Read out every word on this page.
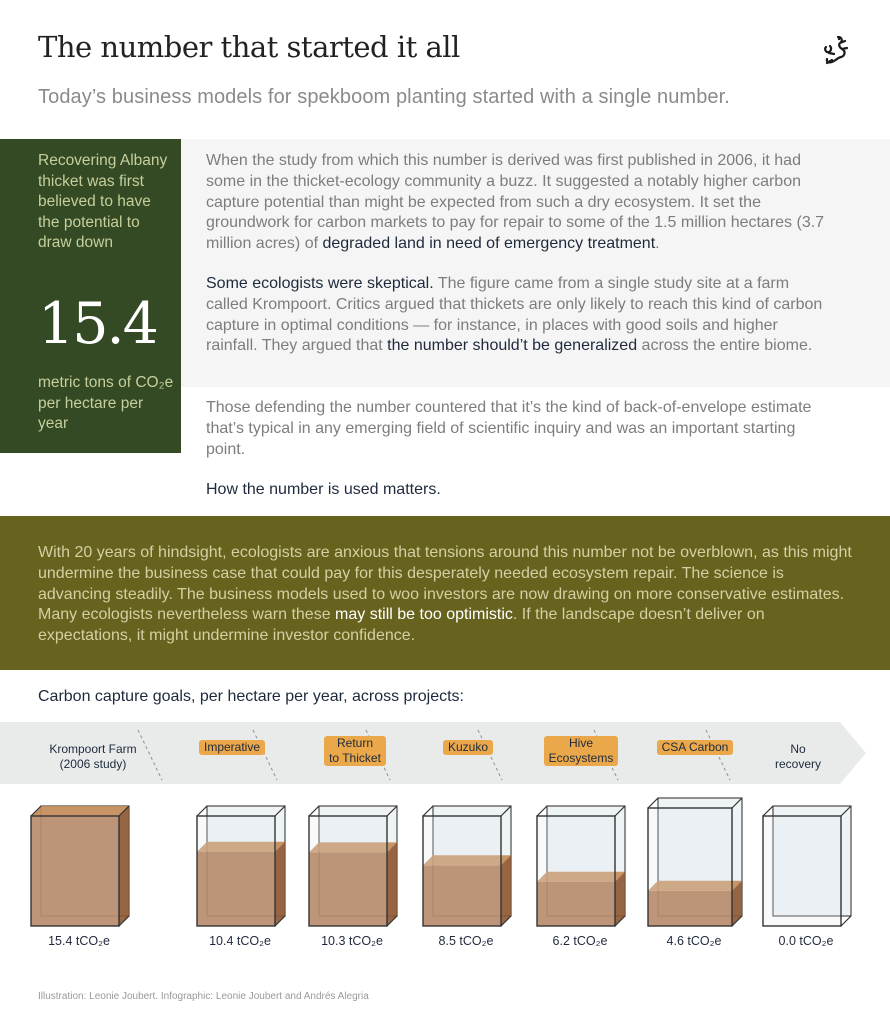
The number that started it all
Today’s business models for spekboom planting started with a single number.
Recovering Albany thicket was first believed to have the potential to draw down
15.4
metric tons of CO₂e per hectare per year
When the study from which this number is derived was first published in 2006, it had some in the thicket-ecology community a buzz. It suggested a notably higher carbon capture potential than might be expected from such a dry ecosystem. It set the groundwork for carbon markets to pay for repair to some of the 1.5 million hectares (3.7 million acres) of degraded land in need of emergency treatment.
Some ecologists were skeptical. The figure came from a single study site at a farm called Krompoort. Critics argued that thickets are only likely to reach this kind of carbon capture in optimal conditions — for instance, in places with good soils and higher rainfall. They argued that the number should’t be generalized across the entire biome.
Those defending the number countered that it’s the kind of back-of-envelope estimate that’s typical in any emerging field of scientific inquiry and was an important starting point.
How the number is used matters.
With 20 years of hindsight, ecologists are anxious that tensions around this number not be overblown, as this might undermine the business case that could pay for this desperately needed ecosystem repair. The science is advancing steadily. The business models used to woo investors are now drawing on more conservative estimates. Many ecologists nevertheless warn these may still be too optimistic. If the landscape doesn’t deliver on expectations, it might undermine investor confidence.
Carbon capture goals, per hectare per year, across projects:
Krompoort Farm
(2006 study)
Imperative	Return
to Thicket
Kuzuko	Hive
Ecosystems
CSA Carbon	No
recovery
15.4 tCO₂e	10.4 tCO₂e	10.3 tCO₂e	8.5 tCO₂e	6.2 tCO₂e	4.6 tCO₂e	0.0 tCO₂e
Illustration: Leonie Joubert. Infographic: Leonie Joubert and Andrés Alegria
